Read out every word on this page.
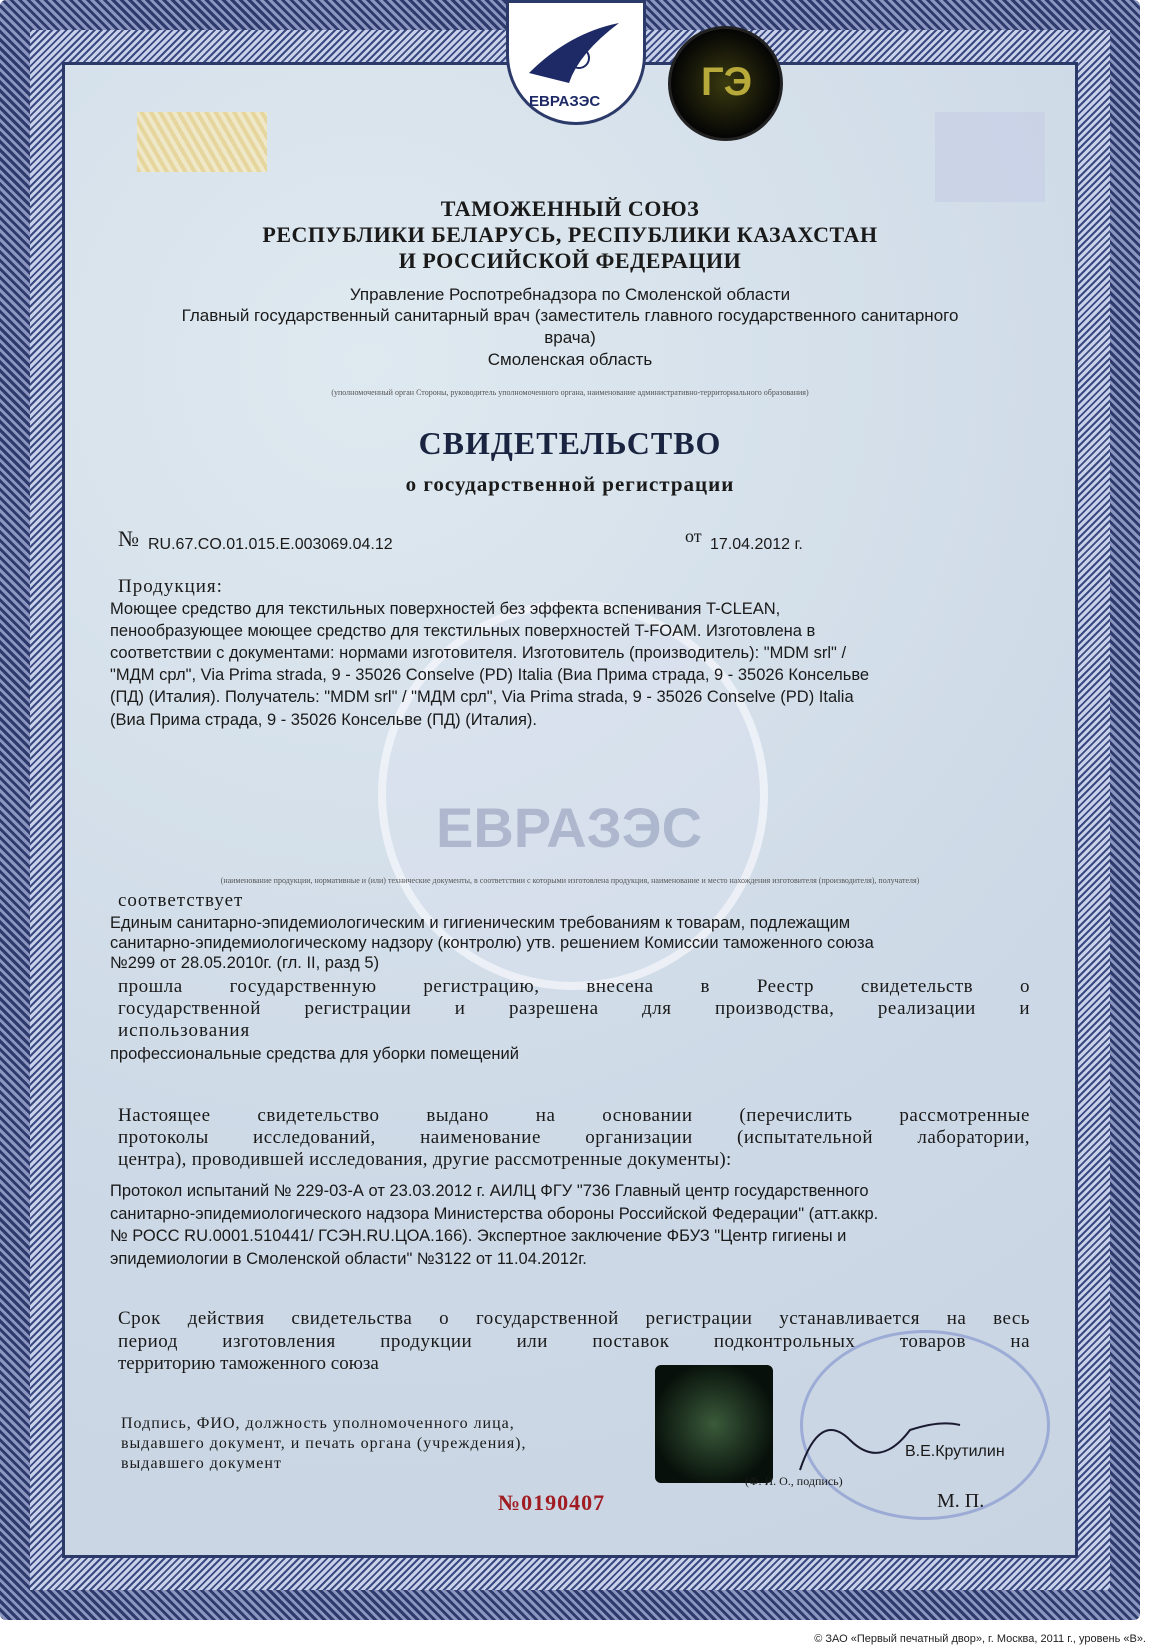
ЕВРАЗЭС	ГЭ
ЕВРАЗЭС
ТАМОЖЕННЫЙ СОЮЗ
РЕСПУБЛИКИ БЕЛАРУСЬ, РЕСПУБЛИКИ КАЗАХСТАН
И РОССИЙСКОЙ ФЕДЕРАЦИИ
Управление Роспотребнадзора по Смоленской области
Главный государственный санитарный врач (заместитель главного государственного санитарного
врача)
Смоленская область
(уполномоченный орган Стороны, руководитель уполномоченного органа, наименование административно-территориального образования)
СВИДЕТЕЛЬСТВО
о государственной регистрации
№ RU.67.CO.01.015.E.003069.04.12	от 17.04.2012 г.
Продукция:
Моющее средство для текстильных поверхностей без эффекта вспенивания T-CLEAN,
пенообразующее моющее средство для текстильных поверхностей T-FOAM. Изготовлена в
соответствии с документами: нормами изготовителя. Изготовитель (производитель): "MDM srl" /
"МДМ срл", Via Prima strada, 9 - 35026 Conselve (PD) Italia (Виа Прима страда, 9 - 35026 Консельве
(ПД) (Италия). Получатель: "MDM srl" / "МДМ срл", Via Prima strada, 9 - 35026 Conselve (PD) Italia
(Виа Прима страда, 9 - 35026 Консельве (ПД) (Италия).
(наименование продукции, нормативные и (или) технические документы, в соответствии с которыми изготовлена продукция, наименование и место нахождения изготовителя (производителя), получателя)
соответствует
Единым санитарно-эпидемиологическим и гигиеническим требованиям к товарам, подлежащим
санитарно-эпидемиологическому надзору (контролю) утв. решением Комиссии таможенного союза
№299 от 28.05.2010г. (гл. II, разд 5)
прошла государственную регистрацию, внесена в Реестр свидетельств о
государственной регистрации и разрешена для производства, реализации и
использования
профессиональные средства для уборки помещений
Настоящее свидетельство выдано на основании (перечислить рассмотренные
протоколы исследований, наименование организации (испытательной лаборатории,
центра), проводившей исследования, другие рассмотренные документы):
Протокол испытаний № 229-03-А от 23.03.2012 г. АИЛЦ ФГУ "736 Главный центр государственного
санитарно-эпидемиологического надзора Министерства обороны Российской Федерации" (атт.аккр.
№ РОСС RU.0001.510441/ ГСЭН.RU.ЦОА.166). Экспертное заключение ФБУЗ "Центр гигиены и
эпидемиологии в Смоленской области" №3122 от 11.04.2012г.
Срок действия свидетельства о государственной регистрации устанавливается на весь
период изготовления продукции или поставок подконтрольных товаров на
территорию таможенного союза
Подпись, ФИО, должность уполномоченного лица,
выдавшего документ, и печать органа (учреждения),
выдавшего документ
В.Е.Крутилин
(Ф. И. О., подпись)
М. П.
№0190407
© ЗАО «Первый печатный двор», г. Москва, 2011 г., уровень «В».
